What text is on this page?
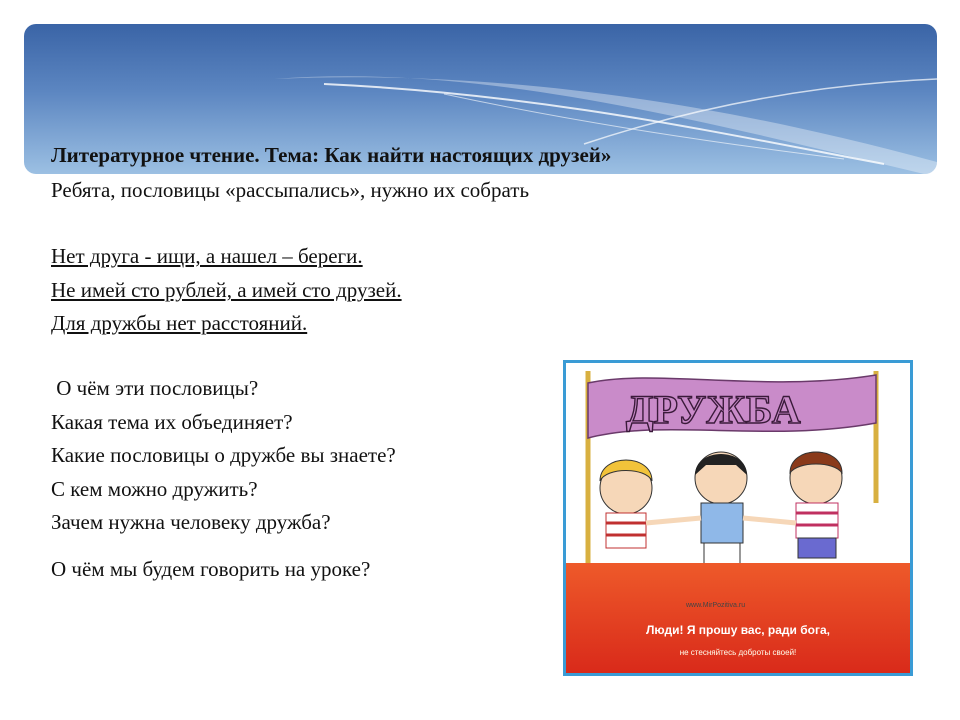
Литературное чтение. Тема: Как найти настоящих друзей»
Ребята, пословицы «рассыпались», нужно их собрать
Нет друга - ищи, а нашел – береги.
Не имей сто рублей, а имей сто друзей.
Для дружбы нет расстояний.
О чём эти пословицы?
Какая тема их объединяет?
Какие пословицы о дружбе вы знаете?
С кем можно дружить?
Зачем нужна человеку дружба?
О чём мы будем говорить на уроке?
ДРУЖБА
www.MirPozitiva.ru
Люди! Я прошу вас, ради бога,
не стесняйтесь доброты своей!
